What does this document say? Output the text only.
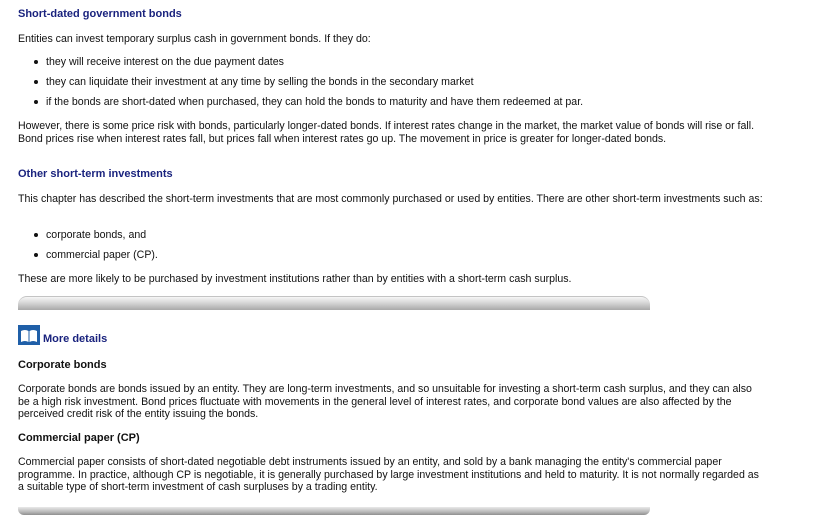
Short-dated government bonds

Entities can invest temporary surplus cash in government bonds. If they do:

they will receive interest on the due payment dates
they can liquidate their investment at any time by selling the bonds in the secondary market
if the bonds are short-dated when purchased, they can hold the bonds to maturity and have them redeemed at par.

However, there is some price risk with bonds, particularly longer-dated bonds. If interest rates change in the market, the market value of bonds will rise or fall. Bond prices rise when interest rates fall, but prices fall when interest rates go up. The movement in price is greater for longer-dated bonds.

Other short-term investments

This chapter has described the short-term investments that are most commonly purchased or used by entities. There are other short-term investments such as:

corporate bonds, and
commercial paper (CP).

These are more likely to be purchased by investment institutions rather than by entities with a short-term cash surplus.

More details
Corporate bonds

Corporate bonds are bonds issued by an entity. They are long-term investments, and so unsuitable for investing a short-term cash surplus, and they can also be a high risk investment. Bond prices fluctuate with movements in the general level of interest rates, and corporate bond values are also affected by the perceived credit risk of the entity issuing the bonds.

Commercial paper (CP)

Commercial paper consists of short-dated negotiable debt instruments issued by an entity, and sold by a bank managing the entity's commercial paper programme. In practice, although CP is negotiable, it is generally purchased by large investment institutions and held to maturity. It is not normally regarded as a suitable type of short-term investment of cash surpluses by a trading entity.
